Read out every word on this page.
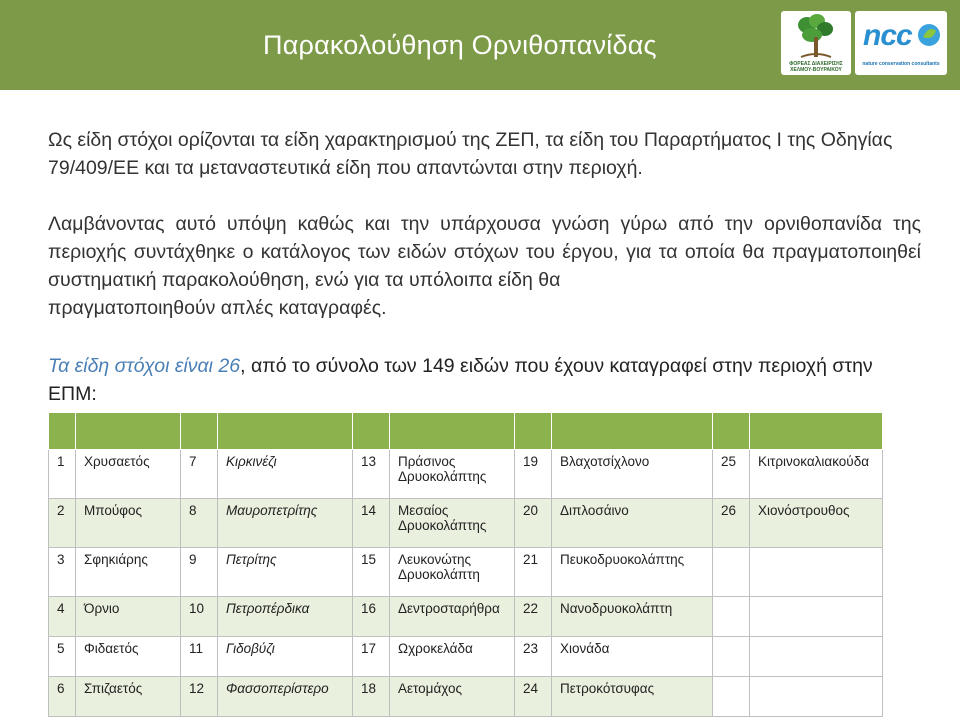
Παρακολούθηση Ορνιθοπανίδας
ΦΟΡΕΑΣ ΔΙΑΧΕΙΡΙΣΗΣ ΧΕΛΜΟΥ-ΒΟΥΡΑΙΚΟΥ
ncc
nature conservation consultants
Ως είδη στόχοι ορίζονται τα είδη χαρακτηρισμού της ΖΕΠ, τα είδη του Παραρτήματος Ι της Οδηγίας 79/409/ΕΕ και τα μεταναστευτικά είδη που απαντώνται στην περιοχή.
Λαμβάνοντας αυτό υπόψη καθώς και την υπάρχουσα γνώση γύρω από την ορνιθοπανίδα της περιοχής συντάχθηκε ο κατάλογος των ειδών στόχων του έργου, για τα οποία θα πραγματοποιηθεί συστηματική παρακολούθηση, ενώ για τα υπόλοιπα είδη θα
πραγματοποιηθούν απλές καταγραφές.
Τα είδη στόχοι είναι 26, από το σύνολο των 149 ειδών που έχουν καταγραφεί στην περιοχή στην ΕΠΜ:

1	Χρυσαετός	7	Κιρκινέζι	13	Πράσινος Δρυοκολάπτης	19	Βλαχοτσίχλονο	25	Κιτρινοκαλιακούδα
2	Μπούφος	8	Μαυροπετρίτης	14	Μεσαίος Δρυοκολάπτης	20	Διπλοσάινο	26	Χιονόστρουθος
3	Σφηκιάρης	9	Πετρίτης	15	Λευκονώτης Δρυοκολάπτη	21	Πευκοδρυοκολάπτης		
4	Όρνιο	10	Πετροπέρδικα	16	Δεντροσταρήθρα	22	Νανοδρυοκολάπτη		
5	Φιδαετός	11	Γιδοβύζι	17	Ωχροκελάδα	23	Χιονάδα		
6	Σπιζαετός	12	Φασσοπερίστερο	18	Αετομάχος	24	Πετροκότσυφας		
